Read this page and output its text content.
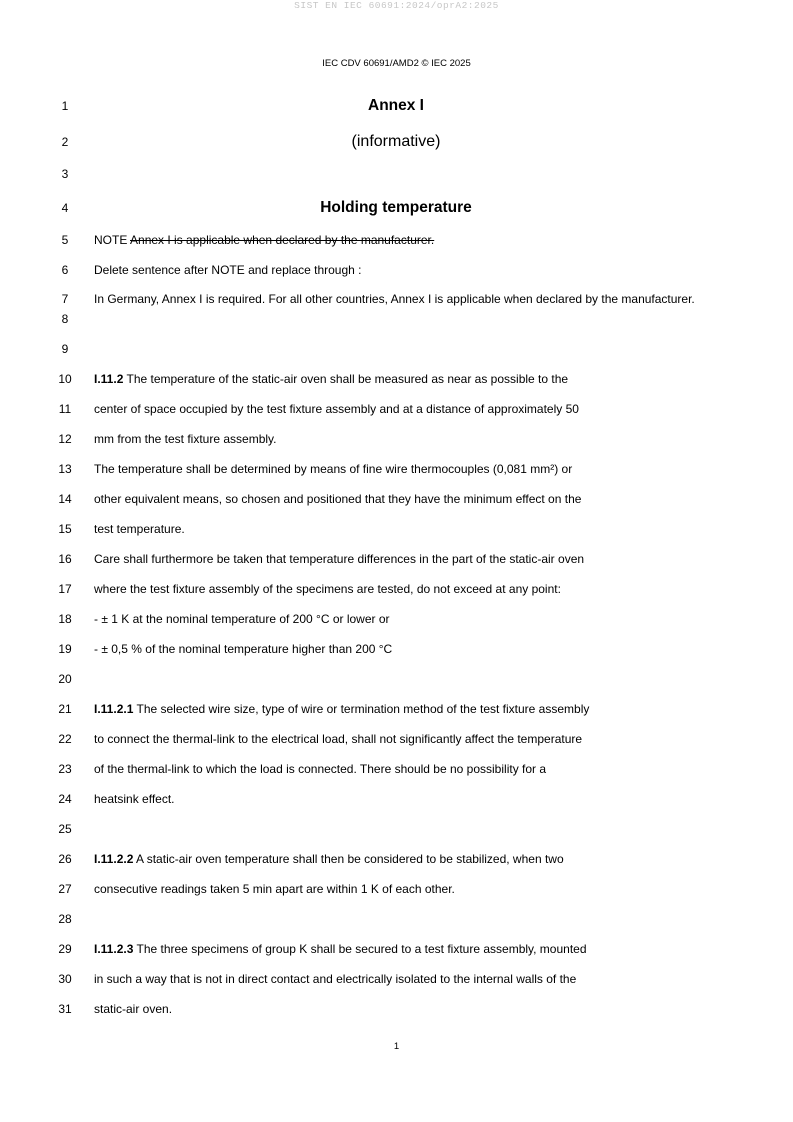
SIST EN IEC 60691:2024/oprA2:2025
IEC CDV 60691/AMD2 © IEC 2025
1
2
3
4
5
6
7
8
9
10
11
12
13
14
15
16
17
18
19
20
21
22
23
24
25
26
27
28
29
30
31
Annex I
(informative)
Holding temperature
NOTE Annex I is applicable when declared by the manufacturer.
Delete sentence after NOTE and replace through :
In Germany, Annex I is required. For all other countries, Annex I is applicable when declared by the manufacturer.
I.11.2 The temperature of the static-air oven shall be measured as near as possible to the
center of space occupied by the test fixture assembly and at a distance of approximately 50
mm from the test fixture assembly.
The temperature shall be determined by means of fine wire thermocouples (0,081 mm²) or
other equivalent means, so chosen and positioned that they have the minimum effect on the
test temperature.
Care shall furthermore be taken that temperature differences in the part of the static-air oven
where the test fixture assembly of the specimens are tested, do not exceed at any point:
- ± 1 K at the nominal temperature of 200 °C or lower or
- ± 0,5 % of the nominal temperature higher than 200 °C
I.11.2.1 The selected wire size, type of wire or termination method of the test fixture assembly
to connect the thermal-link to the electrical load, shall not significantly affect the temperature
of the thermal-link to which the load is connected. There should be no possibility for a
heatsink effect.
I.11.2.2 A static-air oven temperature shall then be considered to be stabilized, when two
consecutive readings taken 5 min apart are within 1 K of each other.
I.11.2.3 The three specimens of group K shall be secured to a test fixture assembly, mounted
in such a way that is not in direct contact and electrically isolated to the internal walls of the
static-air oven.
1
